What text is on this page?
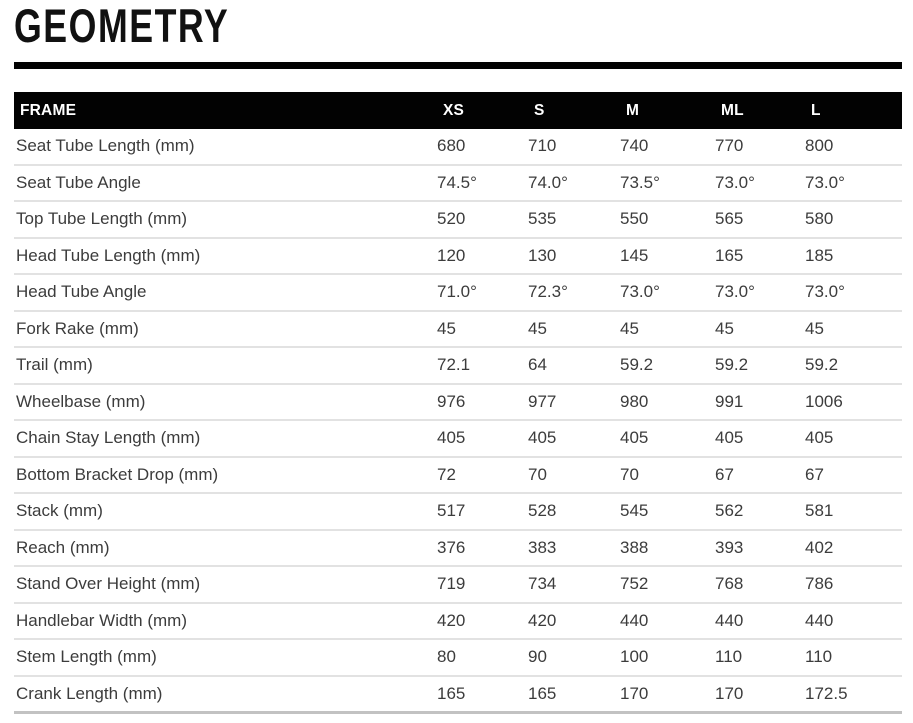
GEOMETRY
FRAME	XS	S	M	ML	L
Seat Tube Length (mm)	680	710	740	770	800
Seat Tube Angle	74.5°	74.0°	73.5°	73.0°	73.0°
Top Tube Length (mm)	520	535	550	565	580
Head Tube Length (mm)	120	130	145	165	185
Head Tube Angle	71.0°	72.3°	73.0°	73.0°	73.0°
Fork Rake (mm)	45	45	45	45	45
Trail (mm)	72.1	64	59.2	59.2	59.2
Wheelbase (mm)	976	977	980	991	1006
Chain Stay Length (mm)	405	405	405	405	405
Bottom Bracket Drop (mm)	72	70	70	67	67
Stack (mm)	517	528	545	562	581
Reach (mm)	376	383	388	393	402
Stand Over Height (mm)	719	734	752	768	786
Handlebar Width (mm)	420	420	440	440	440
Stem Length (mm)	80	90	100	110	110
Crank Length (mm)	165	165	170	170	172.5
